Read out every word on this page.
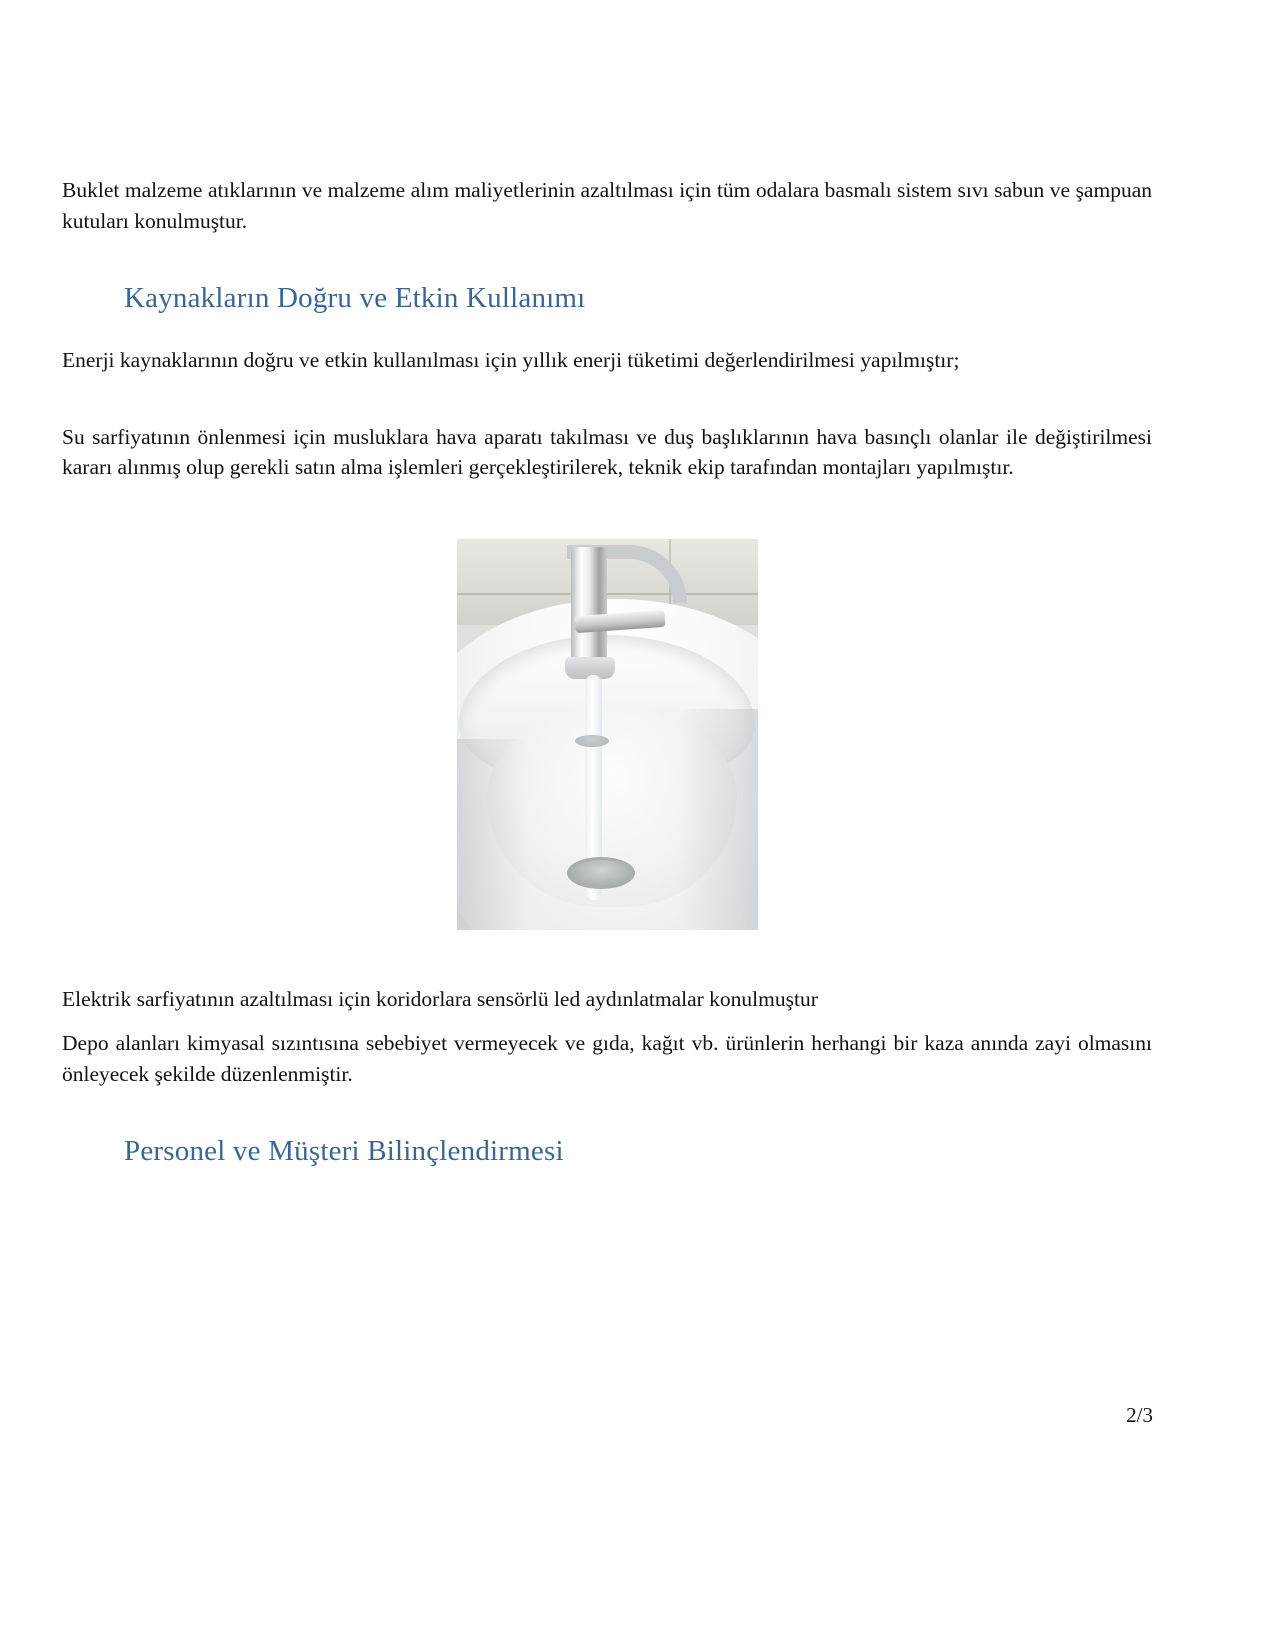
Buklet malzeme atıklarının ve malzeme alım maliyetlerinin azaltılması için tüm odalara basmalı sistem sıvı sabun ve şampuan kutuları konulmuştur.

Kaynakların Doğru ve Etkin Kullanımı

Enerji kaynaklarının doğru ve etkin kullanılması için yıllık enerji tüketimi değerlendirilmesi yapılmıştır;

Su sarfiyatının önlenmesi için musluklara hava aparatı takılması ve duş başlıklarının hava basınçlı olanlar ile değiştirilmesi kararı alınmış olup gerekli satın alma işlemleri gerçekleştirilerek, teknik ekip tarafından montajları yapılmıştır.

Elektrik sarfiyatının azaltılması için koridorlara sensörlü led aydınlatmalar konulmuştur

Depo alanları kimyasal sızıntısına sebebiyet vermeyecek ve gıda, kağıt vb. ürünlerin herhangi bir kaza anında zayi olmasını önleyecek şekilde düzenlenmiştir.

Personel ve Müşteri Bilinçlendirmesi
2/3
